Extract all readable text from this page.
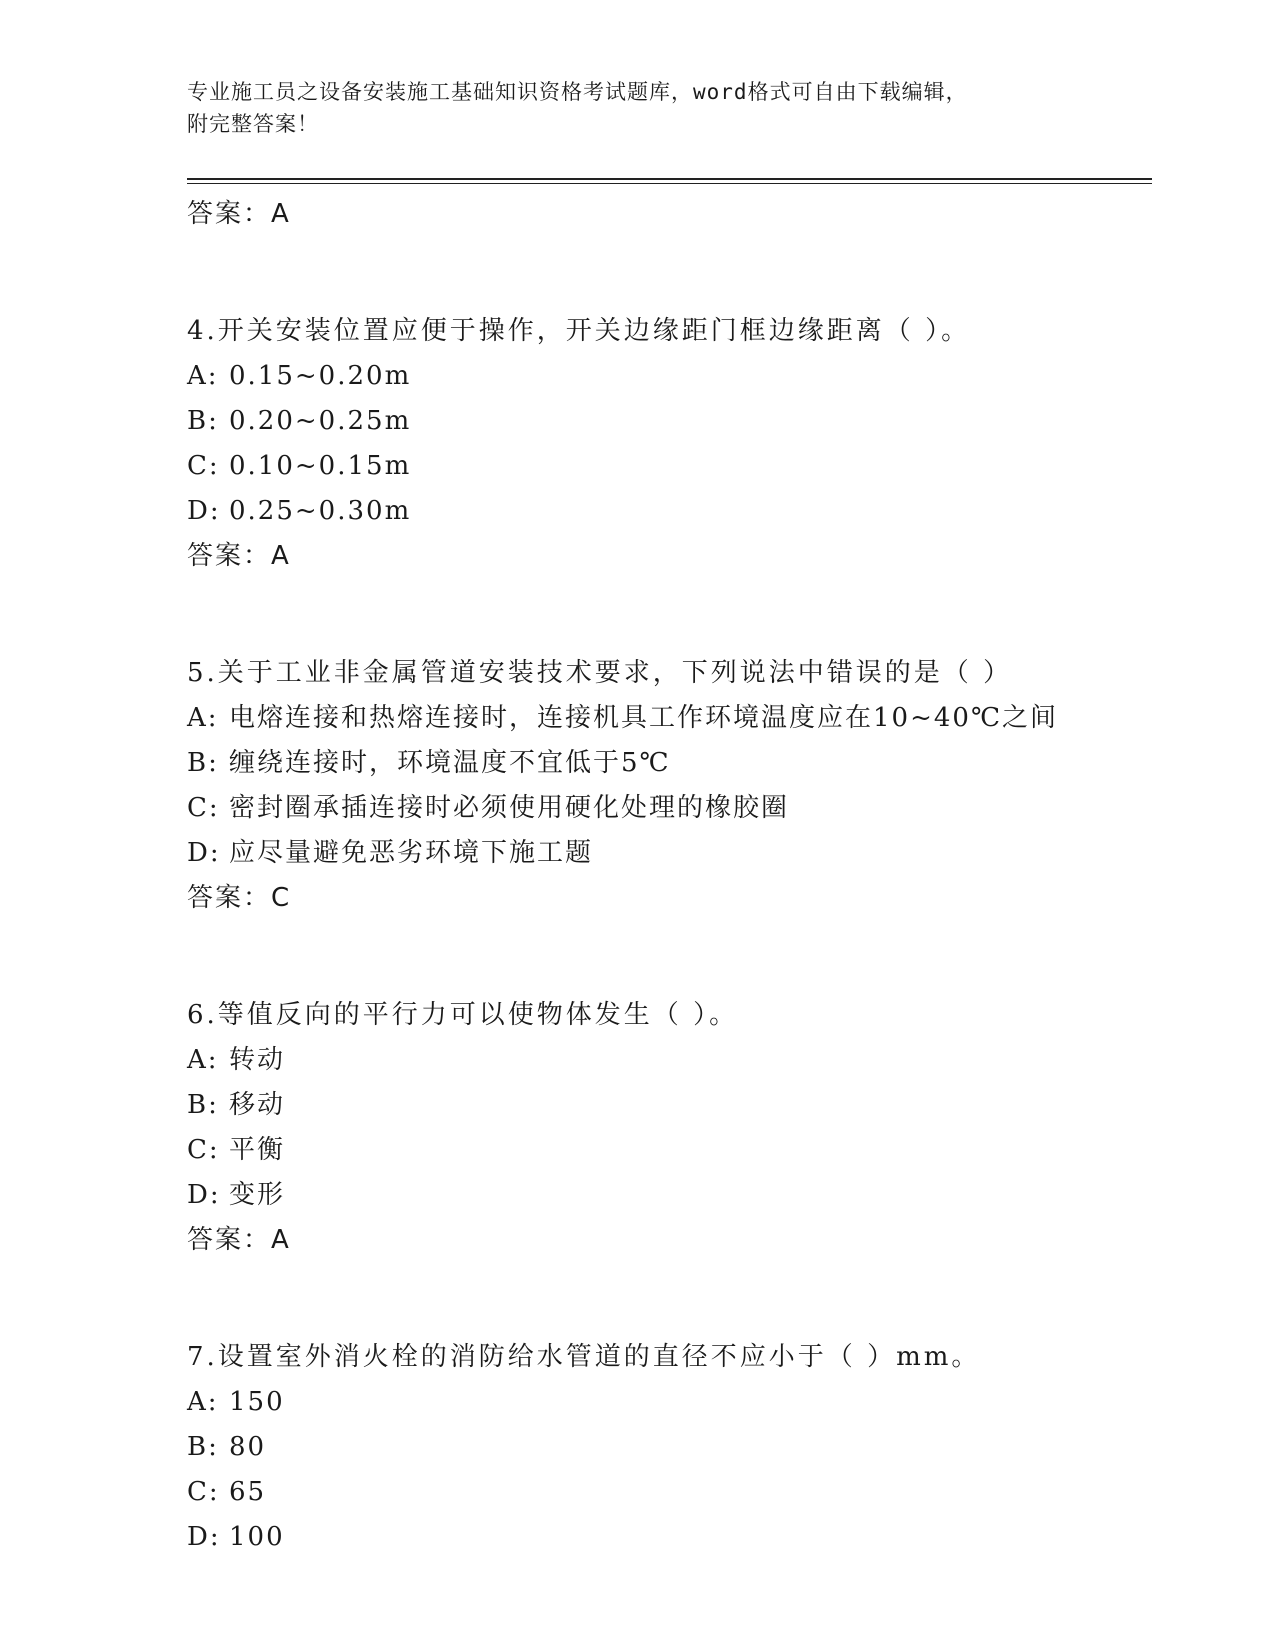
专业施工员之设备安装施工基础知识资格考试题库，word格式可自由下载编辑，
附完整答案！
答案：A
4.开关安装位置应便于操作，开关边缘距门框边缘距离（ ）。
A: 0.15~0.20m
B: 0.20~0.25m
C: 0.10~0.15m
D: 0.25~0.30m
答案：A
5.关于工业非金属管道安装技术要求，下列说法中错误的是（ ）
A: 电熔连接和热熔连接时，连接机具工作环境温度应在10~40℃之间
B: 缠绕连接时，环境温度不宜低于5℃
C: 密封圈承插连接时必须使用硬化处理的橡胶圈
D: 应尽量避免恶劣环境下施工题
答案：C
6.等值反向的平行力可以使物体发生（ ）。
A: 转动
B: 移动
C: 平衡
D: 变形
答案：A
7.设置室外消火栓的消防给水管道的直径不应小于（ ）mm。
A: 150
B: 80
C: 65
D: 100
